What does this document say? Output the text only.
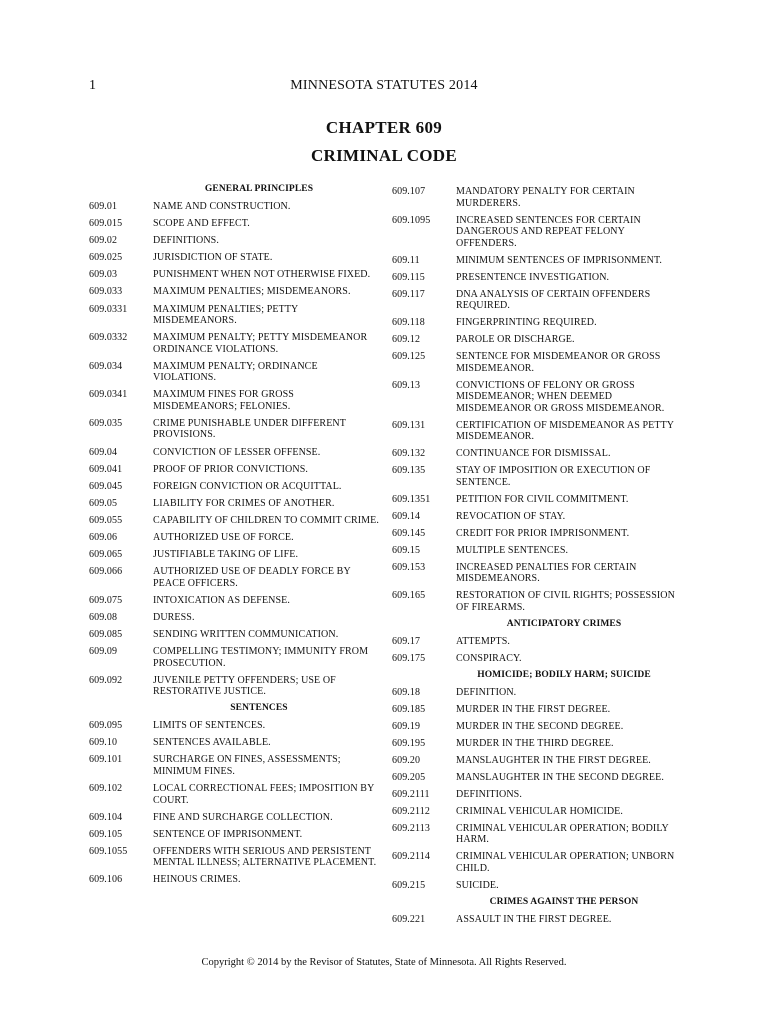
1	MINNESOTA STATUTES 2014
CHAPTER 609
CRIMINAL CODE
GENERAL PRINCIPLES
609.01	NAME AND CONSTRUCTION.
609.015	SCOPE AND EFFECT.
609.02	DEFINITIONS.
609.025	JURISDICTION OF STATE.
609.03	PUNISHMENT WHEN NOT OTHERWISE FIXED.
609.033	MAXIMUM PENALTIES; MISDEMEANORS.
609.0331	MAXIMUM PENALTIES; PETTY MISDEMEANORS.
609.0332	MAXIMUM PENALTY; PETTY MISDEMEANOR ORDINANCE VIOLATIONS.
609.034	MAXIMUM PENALTY; ORDINANCE VIOLATIONS.
609.0341	MAXIMUM FINES FOR GROSS MISDEMEANORS; FELONIES.
609.035	CRIME PUNISHABLE UNDER DIFFERENT PROVISIONS.
609.04	CONVICTION OF LESSER OFFENSE.
609.041	PROOF OF PRIOR CONVICTIONS.
609.045	FOREIGN CONVICTION OR ACQUITTAL.
609.05	LIABILITY FOR CRIMES OF ANOTHER.
609.055	CAPABILITY OF CHILDREN TO COMMIT CRIME.
609.06	AUTHORIZED USE OF FORCE.
609.065	JUSTIFIABLE TAKING OF LIFE.
609.066	AUTHORIZED USE OF DEADLY FORCE BY PEACE OFFICERS.
609.075	INTOXICATION AS DEFENSE.
609.08	DURESS.
609.085	SENDING WRITTEN COMMUNICATION.
609.09	COMPELLING TESTIMONY; IMMUNITY FROM PROSECUTION.
609.092	JUVENILE PETTY OFFENDERS; USE OF RESTORATIVE JUSTICE.
SENTENCES
609.095	LIMITS OF SENTENCES.
609.10	SENTENCES AVAILABLE.
609.101	SURCHARGE ON FINES, ASSESSMENTS; MINIMUM FINES.
609.102	LOCAL CORRECTIONAL FEES; IMPOSITION BY COURT.
609.104	FINE AND SURCHARGE COLLECTION.
609.105	SENTENCE OF IMPRISONMENT.
609.1055	OFFENDERS WITH SERIOUS AND PERSISTENT MENTAL ILLNESS; ALTERNATIVE PLACEMENT.
609.106	HEINOUS CRIMES.
609.107	MANDATORY PENALTY FOR CERTAIN MURDERERS.
609.1095	INCREASED SENTENCES FOR CERTAIN DANGEROUS AND REPEAT FELONY OFFENDERS.
609.11	MINIMUM SENTENCES OF IMPRISONMENT.
609.115	PRESENTENCE INVESTIGATION.
609.117	DNA ANALYSIS OF CERTAIN OFFENDERS REQUIRED.
609.118	FINGERPRINTING REQUIRED.
609.12	PAROLE OR DISCHARGE.
609.125	SENTENCE FOR MISDEMEANOR OR GROSS MISDEMEANOR.
609.13	CONVICTIONS OF FELONY OR GROSS MISDEMEANOR; WHEN DEEMED MISDEMEANOR OR GROSS MISDEMEANOR.
609.131	CERTIFICATION OF MISDEMEANOR AS PETTY MISDEMEANOR.
609.132	CONTINUANCE FOR DISMISSAL.
609.135	STAY OF IMPOSITION OR EXECUTION OF SENTENCE.
609.1351	PETITION FOR CIVIL COMMITMENT.
609.14	REVOCATION OF STAY.
609.145	CREDIT FOR PRIOR IMPRISONMENT.
609.15	MULTIPLE SENTENCES.
609.153	INCREASED PENALTIES FOR CERTAIN MISDEMEANORS.
609.165	RESTORATION OF CIVIL RIGHTS; POSSESSION OF FIREARMS.
ANTICIPATORY CRIMES
609.17	ATTEMPTS.
609.175	CONSPIRACY.
HOMICIDE; BODILY HARM; SUICIDE
609.18	DEFINITION.
609.185	MURDER IN THE FIRST DEGREE.
609.19	MURDER IN THE SECOND DEGREE.
609.195	MURDER IN THE THIRD DEGREE.
609.20	MANSLAUGHTER IN THE FIRST DEGREE.
609.205	MANSLAUGHTER IN THE SECOND DEGREE.
609.2111	DEFINITIONS.
609.2112	CRIMINAL VEHICULAR HOMICIDE.
609.2113	CRIMINAL VEHICULAR OPERATION; BODILY HARM.
609.2114	CRIMINAL VEHICULAR OPERATION; UNBORN CHILD.
609.215	SUICIDE.
CRIMES AGAINST THE PERSON
609.221	ASSAULT IN THE FIRST DEGREE.
Copyright © 2014 by the Revisor of Statutes, State of Minnesota. All Rights Reserved.
